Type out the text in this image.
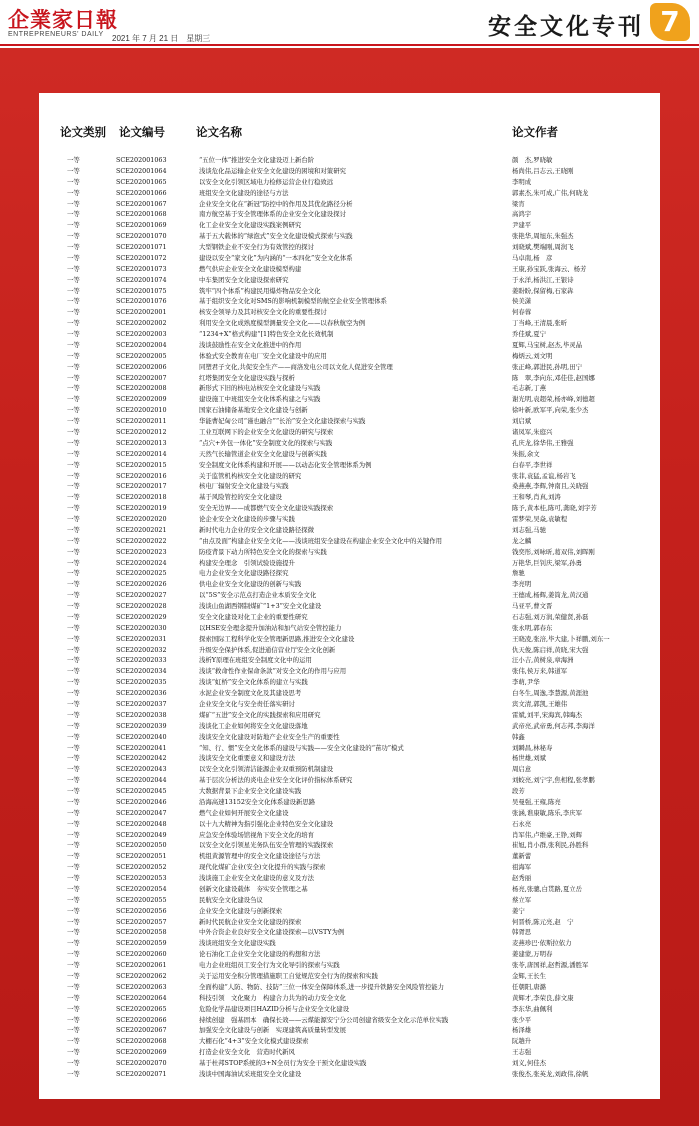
企業家日報
ENTREPRENEURS' DAILY 2021 年 7 月 21 日　星期三	安全文化专刊 7
论文类别 论文编号	论文名称	论文作者
一等	SCE202001063	“五位一体”推进安全文化建设迈上新台阶	颜　杰,罗晓敏
一等	SCE202001064	浅谈危化品运输企业安全文化建设的困境和对策研究	杨尚伟,吕志云,王晓刚
一等	SCE202001065	以安全文化引领区域电力检修运营企业行稳致远	李明成
一等	SCE202001066	班组安全文化建设的途径与方法	郭素杰,朱可成,广伟,何晓龙
一等	SCE202001067	企业安全文化在“新冠”防控中的作用及其优化路径分析	梁宵
一等	SCE202001068	南方航空基于安全管理体系的企业安全文化建设探讨	高鸿宇
一等	SCE202001069	化工企业安全文化建设实践案例研究	尹建平
一等	SCE202001070	基于五大载体的“绿泡式”安全文化建设模式探索与实践	张艳华,周旭东,朱强杰
一等	SCE202001071	大型钢铁企业不安全行为有效管控的探讨	刘晓斌,樊端刚,周润飞
一等	SCE202001072	建设以安全“家文化”为内涵的“一本四化”安全文化体系	马卓南,杨　彦
一等	SCE202001073	燃气供应企业安全文化建设模型构建	王康,孙宝跃,张海云、杨芳
一等	SCE202001074	中车集团安全文化建设探索研究	于永洋,杨洪江,王银诗
一等	SCE202001075	筑牢“四个体系”构建民用爆炸物品安全文化	姜盼盼,保留梅,石家犇
一等	SCE202001076	基于组织安全文化对SMS的影响机制模型的航空企业安全管理体系	侯美潇
一等	SCE202002001	核安全领导力及其对核安全文化的重要性探讨	何春蓉
一等	SCE202002002	利用安全文化成熟度模型测量安全文化——以春秋航空为例	丁当峰,王清晨,张昕
一等	SCE202002003	“1234+X”格式构建“[1]特色安全文化长效机制	乔佳斌,夏宁
一等	SCE202002004	浅谈鼓励性在安全文化推进中的作用	夏辉,马宝树,赵杰,毕灵晶
一等	SCE202002005	体验式安全教育在电厂安全文化建设中的应用	梅炳云,刘文明
一等	SCE202002006	同塑君子文化,共促安全生产——商洛发电公司以文化人促进安全管理	张正峰,郭进民,孙明,田宁
一等	SCE202002007	红塔集团安全文化建设实践与探析	陈　翠,李向东,邓佳佳,赵国娜
一等	SCE202002008	新形式下旧的核电站核安全文化建设与实践	毛志新,丁燕
一等	SCE202002009	建设施工中班组安全文化体系构建之与实践	谢光明,袁超荣,杨亦峰,刘德超
一等	SCE202002010	国家石油储备基地安全文化建设与创新	徐叶新,欧军平,向荣,张少杰
一等	SCE202002011	华能曹妃甸公司“谨也融合”“长治”安全文化建设探索与实践	刘启斌
一等	SCE202002012	工业互联网下的企业安全文化建设的研究与探索	诸凤军,朱庭兴
一等	SCE202002013	“点穴+外包一体化”安全制度文化的探索与实践	孔庆龙,徐华伟,王雅强
一等	SCE202002014	天然气长输管道企业安全文化建设与创新实践	朱振,余文
一等	SCE202002015	安全制度文化体系构建和开展——以动态化安全管理体系为例	白春平,李世祥
一等	SCE202002016	关于监管机构核安全文化建设的研究	张菲,袁猛,孟谊,杨岩飞
一等	SCE202002017	核电厂辐射安全文化建设与实践	桑燕燕,李辉,钟南且,关晓强
一等	SCE202002018	基于风险管控的安全文化建设	王和琴,肖真,刘涛
一等	SCE202002019	安全无边界——成都燃气安全文化建设实践探索	陈予,黄本桂,陈可,龚晓,刘宇芳
一等	SCE202002020	论企业安全文化建设的步骤与实践	雷梦荣,吴焱,袁敏程
一等	SCE202002021	新时代电力企业的安全文化建设路径探微	刘志强,马驰
一等	SCE202002022	“由点及面”构建企业安全文化——浅谈班组安全建设在构建企业安全文化中的关键作用	龙之麟
一等	SCE202002023	防疫背景下动力所特色安全文化的探索与实践	钱奕彤,刘咏昕,葛双伟,刘晖刚
一等	SCE202002024	构建安全理念　引领试验设施提升	万艳华,巨钊庆,梁军,孙勇
一等	SCE202002025	电力企业安全文化建设路径探究	詹驰
一等	SCE202002026	供电企业安全文化建设的创新与实践	李亮明
一等	SCE202002027	以“5S”安全示范点打造企业本质安全文化	王德成,杨辉,姜筒龙,黄汉通
一等	SCE202002028	浅谈山鱼湖西钢制煤矿“1+3”安全文化建设	马亚平,曹文晋
一等	SCE202002029	安全文化建设对化工企业的重要性研究	石志强,刘万润,荣健贤,孙磊
一等	SCE202002030	以HSE安全理念提升加油站和加气站安全管控能力	张永明,郭春东
一等	SCE202002031	探索国际工程科学化安全管理新思路,推进安全文化建设	王晓凌,张涪,毕大建,卜祥鹏,刘东一
一等	SCE202002032	升级安全保护体系,促进通信营业厅安全文化创新	仇天俊,陈启祥,黄晓,宋大强
一等	SCE202002033	浅析Y原理在班组安全制度文化中的运用	汪小吉,黄树泉,章海洲
一等	SCE202002034	浅谈“救命性作业保命条款”对安全文化的作用与应用	张伟,侯万来,韩道军
一等	SCE202002035	浅谈“虹桥”安全文化体系的建立与实践	李萌,尹华
一等	SCE202002036	水泥企业安全制度文化及其建设思考	白冬生,周逸,李慧源,黄涯池
一等	SCE202002037	企业安全文化与安全责任落实研讨	宾文清,郭凯,王雄伟
一等	SCE202002038	煤矿“五进”安全文化的实践探索和应用研究	雷斌,刘平,宋海宾,韩晦杰
一等	SCE202002039	浅谈化工企业如何将安全文化建设落地	武帝亮,武帝勇,何志邦,李海洋
一等	SCE202002040	浅谈安全文化建设对防地产企业安全生产的重要性	韩鑫
一等	SCE202002041	“知、行、惯”安全文化体系的建设与实践——安全文化建设的“苗功”模式	刘瞬昌,林秘寿
一等	SCE202002042	浅谈安全文化重要意义和建设方法	杨世雄,刘斌
一等	SCE202002043	以安全文化引领清洁能源企业双重预防机制建设	周启意
一等	SCE202002044	基于层次分析法的炎电企业安全文化评价指标体系研究	刘蛟亮,刘宁宇,焦相程,张孝鹏
一等	SCE202002045	大数据背景下企业安全文化建设实践	段芳
一等	SCE202002046	沿海高速13152安全文化体系建设新思路	吴曼强,王雍,陈亮
一等	SCE202002047	燃气企业如何开展安全文化建设	张涵,谯康敏,陈乐,李庆军
一等	SCE202002048	以十九大精神为指引强化企业特色安全文化建设	石永亮
一等	SCE202002049	应急安全体验场馆视角下安全文化的培育	肖军伟,卢维豪,王铮,刘辉
一等	SCE202002050	以安全文化引领星光务队伍安全管理的实践探索	崔旭,肖小群,张利民,孙胜科
一等	SCE202002051	机组黄源管理中的安全文化建设途径与方法	董新蕾
一等	SCE202002052	现代化煤矿企业(安全)文化提升的实践与探索	祖海军
一等	SCE202002053	浅谈施工企业安全文化建设的意义及方法	赵秀丽
一等	SCE202002054	创新文化建设载体　夯实安全管理之基	杨亮,张骢,白贯路,夏立岳
一等	SCE202002055	民航安全文化建设刍议	蔡立军
一等	SCE202002056	企业安全文化建设与创新探索	姜宁
一等	SCE202002057	新时代民航企业安全文化建设的探索	何晋桥,陈元亮,赵　宁
一等	SCE202002058	中外合资企业良好安全文化建设探索—以VSTY为例	韩胥思
一等	SCE202002059	浅谈班组安全文化建设实践	麦燕珍巴·依斯拉依力
一等	SCE202002060	论石油化工企业安全文化建设的构想和方法	姜建蒙,万明春
一等	SCE202002061	电力企业班组员工安全行为文化导引的探索与实践	张苓,唐国祥,赵哲源,潘胜军
一等	SCE202002062	关于运用安全积分管理措施职工自觉规范安全行为的探索和实践	金辉,王长生
一等	SCE202002063	全面构建“人防、物防、技防”三位一体安全保障体系,进一步提升铁路安全风险管控能力	任朝阳,唐潞
一等	SCE202002064	科技引领　文化聚力　构建合力共为的动力安全文化	黄辉才,李荣良,薛文康
一等	SCE202002065	危险化学品建设项目HAZID分析与企业安全文化建设	李东华,曲佩利
一等	SCE202002066	持续创建　强基固本　确保长效——云煤能源安宁分公司创建省级安全文化示范单位实践	张少平
一等	SCE202002067	加强安全文化建设与创新　实现建筑高质量转型发展	杨泽雄
一等	SCE202002068	大棚石化“4+3”安全文化模式建设探索	阮趟升
一等	SCE202002069	打造企业安全文化　营造时代新风	王志强
一等	SCE202002070	基于杜邦STOP系统的3+N全员行为安全干预文化建设实践	刘义,何佳杰
一等	SCE202002071	浅谈中国海油试采班组安全文化建设	张俊杰,张英龙,刘政伟,徐帆
